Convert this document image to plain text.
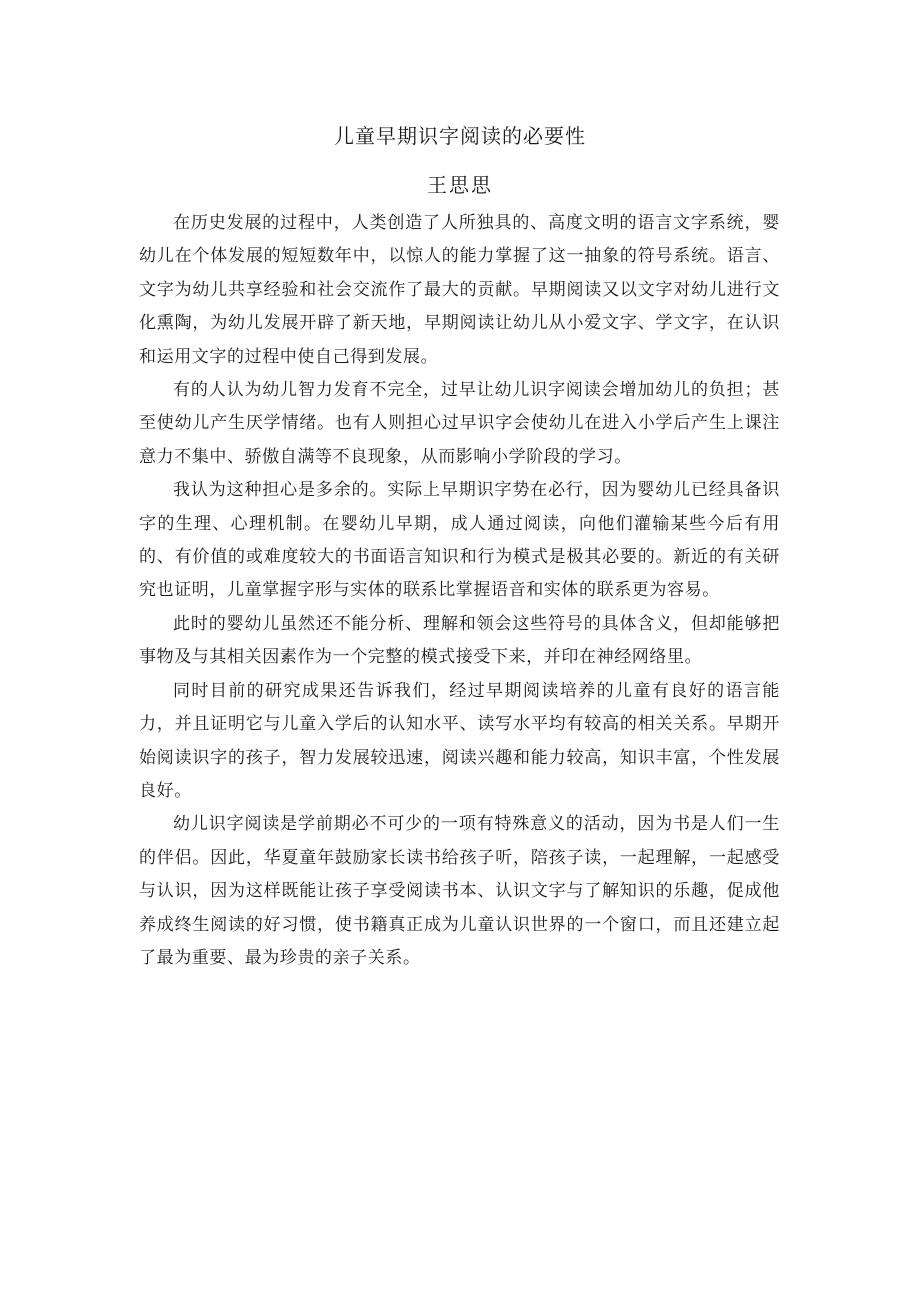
儿童早期识字阅读的必要性
王思思

在历史发展的过程中，人类创造了人所独具的、高度文明的语言文字系统，婴幼儿在个体发展的短短数年中，以惊人的能力掌握了这一抽象的符号系统。语言、文字为幼儿共享经验和社会交流作了最大的贡献。早期阅读又以文字对幼儿进行文化熏陶，为幼儿发展开辟了新天地，早期阅读让幼儿从小爱文字、学文字，在认识和运用文字的过程中使自己得到发展。

有的人认为幼儿智力发育不完全，过早让幼儿识字阅读会增加幼儿的负担；甚至使幼儿产生厌学情绪。也有人则担心过早识字会使幼儿在进入小学后产生上课注意力不集中、骄傲自满等不良现象，从而影响小学阶段的学习。

我认为这种担心是多余的。实际上早期识字势在必行，因为婴幼儿已经具备识字的生理、心理机制。在婴幼儿早期，成人通过阅读，向他们灌输某些今后有用的、有价值的或难度较大的书面语言知识和行为模式是极其必要的。新近的有关研究也证明，儿童掌握字形与实体的联系比掌握语音和实体的联系更为容易。

此时的婴幼儿虽然还不能分析、理解和领会这些符号的具体含义，但却能够把事物及与其相关因素作为一个完整的模式接受下来，并印在神经网络里。

同时目前的研究成果还告诉我们，经过早期阅读培养的儿童有良好的语言能力，并且证明它与儿童入学后的认知水平、读写水平均有较高的相关关系。早期开始阅读识字的孩子，智力发展较迅速，阅读兴趣和能力较高，知识丰富，个性发展良好。

幼儿识字阅读是学前期必不可少的一项有特殊意义的活动，因为书是人们一生的伴侣。因此，华夏童年鼓励家长读书给孩子听，陪孩子读，一起理解，一起感受与认识，因为这样既能让孩子享受阅读书本、认识文字与了解知识的乐趣，促成他养成终生阅读的好习惯，使书籍真正成为儿童认识世界的一个窗口，而且还建立起了最为重要、最为珍贵的亲子关系。
